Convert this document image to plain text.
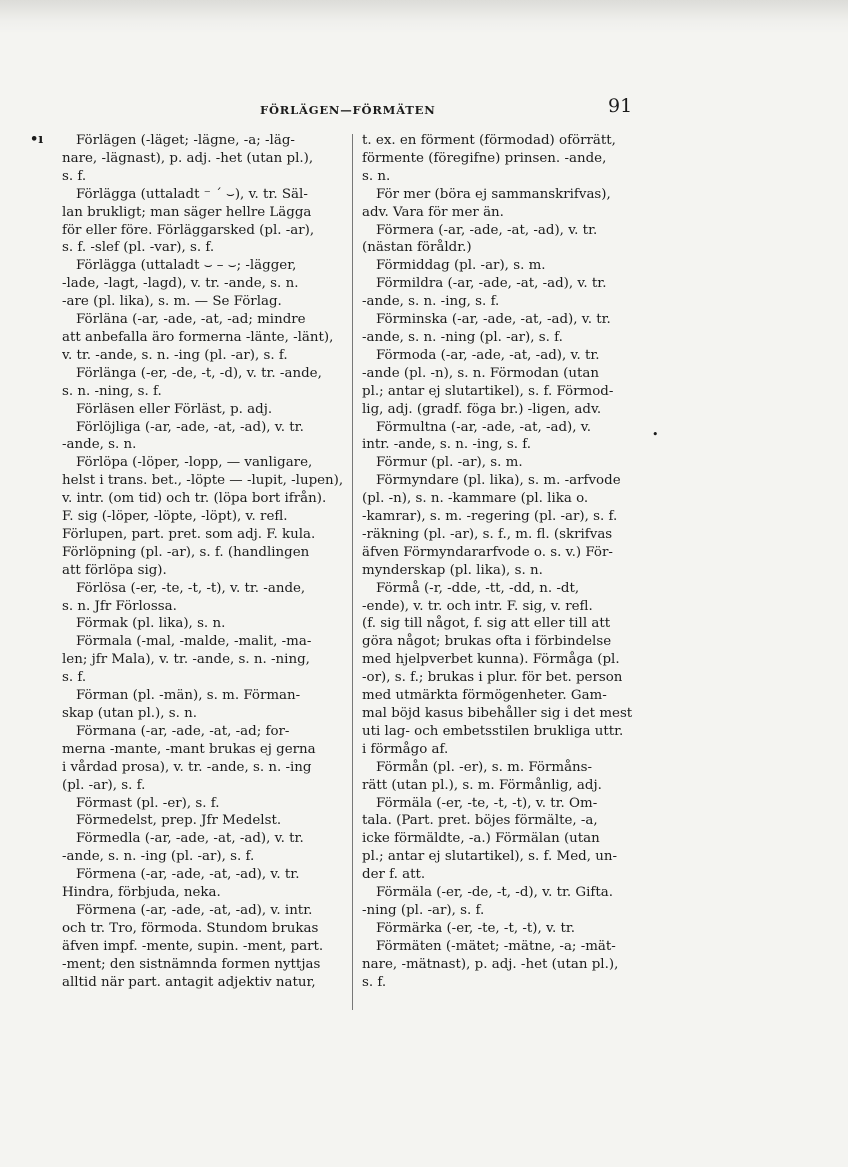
FÖRLÄGEN—FÖRMÄTEN	91
•ı
•
Förlägen (-läget; -lägne, -a; -läg-
nare, -lägnast), p. adj. -het (utan pl.),
s. f.
Förlägga (uttaladt ⁻ ´ ⌣), v. tr. Säl-
lan brukligt; man säger hellre Lägga
för eller före. Förläggarsked (pl. -ar),
s. f. -slef (pl. -var), s. f.
Förlägga (uttaladt ⌣ – ⌣; -lägger,
-lade, -lagt, -lagd), v. tr. -ande, s. n.
-are (pl. lika), s. m. — Se Förlag.
Förläna (-ar, -ade, -at, -ad; mindre
att anbefalla äro formerna -länte, -länt),
v. tr. -ande, s. n. -ing (pl. -ar), s. f.
Förlänga (-er, -de, -t, -d), v. tr. -ande,
s. n. -ning, s. f.
Förläsen eller Förläst, p. adj.
Förlöjliga (-ar, -ade, -at, -ad), v. tr.
-ande, s. n.
Förlöpa (-löper, -lopp, — vanligare,
helst i trans. bet., -löpte — -lupit, -lupen),
v. intr. (om tid) och tr. (löpa bort ifrån).
F. sig (-löper, -löpte, -löpt), v. refl.
Förlupen, part. pret. som adj. F. kula.
Förlöpning (pl. -ar), s. f. (handlingen
att förlöpa sig).
Förlösa (-er, -te, -t, -t), v. tr. -ande,
s. n. Jfr Förlossa.
Förmak (pl. lika), s. n.
Förmala (-mal, -malde, -malit, -ma-
len; jfr Mala), v. tr. -ande, s. n. -ning,
s. f.
Förman (pl. -män), s. m. Förman-
skap (utan pl.), s. n.
Förmana (-ar, -ade, -at, -ad; for-
merna -mante, -mant brukas ej gerna
i vårdad prosa), v. tr. -ande, s. n. -ing
(pl. -ar), s. f.
Förmast (pl. -er), s. f.
Förmedelst, prep. Jfr Medelst.
Förmedla (-ar, -ade, -at, -ad), v. tr.
-ande, s. n. -ing (pl. -ar), s. f.
Förmena (-ar, -ade, -at, -ad), v. tr.
Hindra, förbjuda, neka.
Förmena (-ar, -ade, -at, -ad), v. intr.
och tr. Tro, förmoda. Stundom brukas
äfven impf. -mente, supin. -ment, part.
-ment; den sistnämnda formen nyttjas
alltid när part. antagit adjektiv natur,
t. ex. en förment (förmodad) oförrätt,
förmente (föregifne) prinsen. -ande,
s. n.
För mer (böra ej sammanskrifvas),
adv. Vara för mer än.
Förmera (-ar, -ade, -at, -ad), v. tr.
(nästan föråldr.)
Förmiddag (pl. -ar), s. m.
Förmildra (-ar, -ade, -at, -ad), v. tr.
-ande, s. n. -ing, s. f.
Förminska (-ar, -ade, -at, -ad), v. tr.
-ande, s. n. -ning (pl. -ar), s. f.
Förmoda (-ar, -ade, -at, -ad), v. tr.
-ande (pl. -n), s. n. Förmodan (utan
pl.; antar ej slutartikel), s. f. Förmod-
lig, adj. (gradf. föga br.) -ligen, adv.
Förmultna (-ar, -ade, -at, -ad), v.
intr. -ande, s. n. -ing, s. f.
Förmur (pl. -ar), s. m.
Förmyndare (pl. lika), s. m. -arfvode
(pl. -n), s. n. -kammare (pl. lika o.
-kamrar), s. m. -regering (pl. -ar), s. f.
-räkning (pl. -ar), s. f., m. fl. (skrifvas
äfven Förmyndararfvode o. s. v.) För-
mynderskap (pl. lika), s. n.
Förmå (-r, -dde, -tt, -dd, n. -dt,
-ende), v. tr. och intr. F. sig, v. refl.
(f. sig till något, f. sig att eller till att
göra något; brukas ofta i förbindelse
med hjelpverbet kunna). Förmåga (pl.
-or), s. f.; brukas i plur. för bet. person
med utmärkta förmögenheter. Gam-
mal böjd kasus bibehåller sig i det mest
uti lag- och embetsstilen brukliga uttr.
i förmågo af.
Förmån (pl. -er), s. m. Förmåns-
rätt (utan pl.), s. m. Förmånlig, adj.
Förmäla (-er, -te, -t, -t), v. tr. Om-
tala. (Part. pret. böjes förmälte, -a,
icke förmäldte, -a.) Förmälan (utan
pl.; antar ej slutartikel), s. f. Med, un-
der f. att.
Förmäla (-er, -de, -t, -d), v. tr. Gifta.
-ning (pl. -ar), s. f.
Förmärka (-er, -te, -t, -t), v. tr.
Förmäten (-mätet; -mätne, -a; -mät-
nare, -mätnast), p. adj. -het (utan pl.),
s. f.
